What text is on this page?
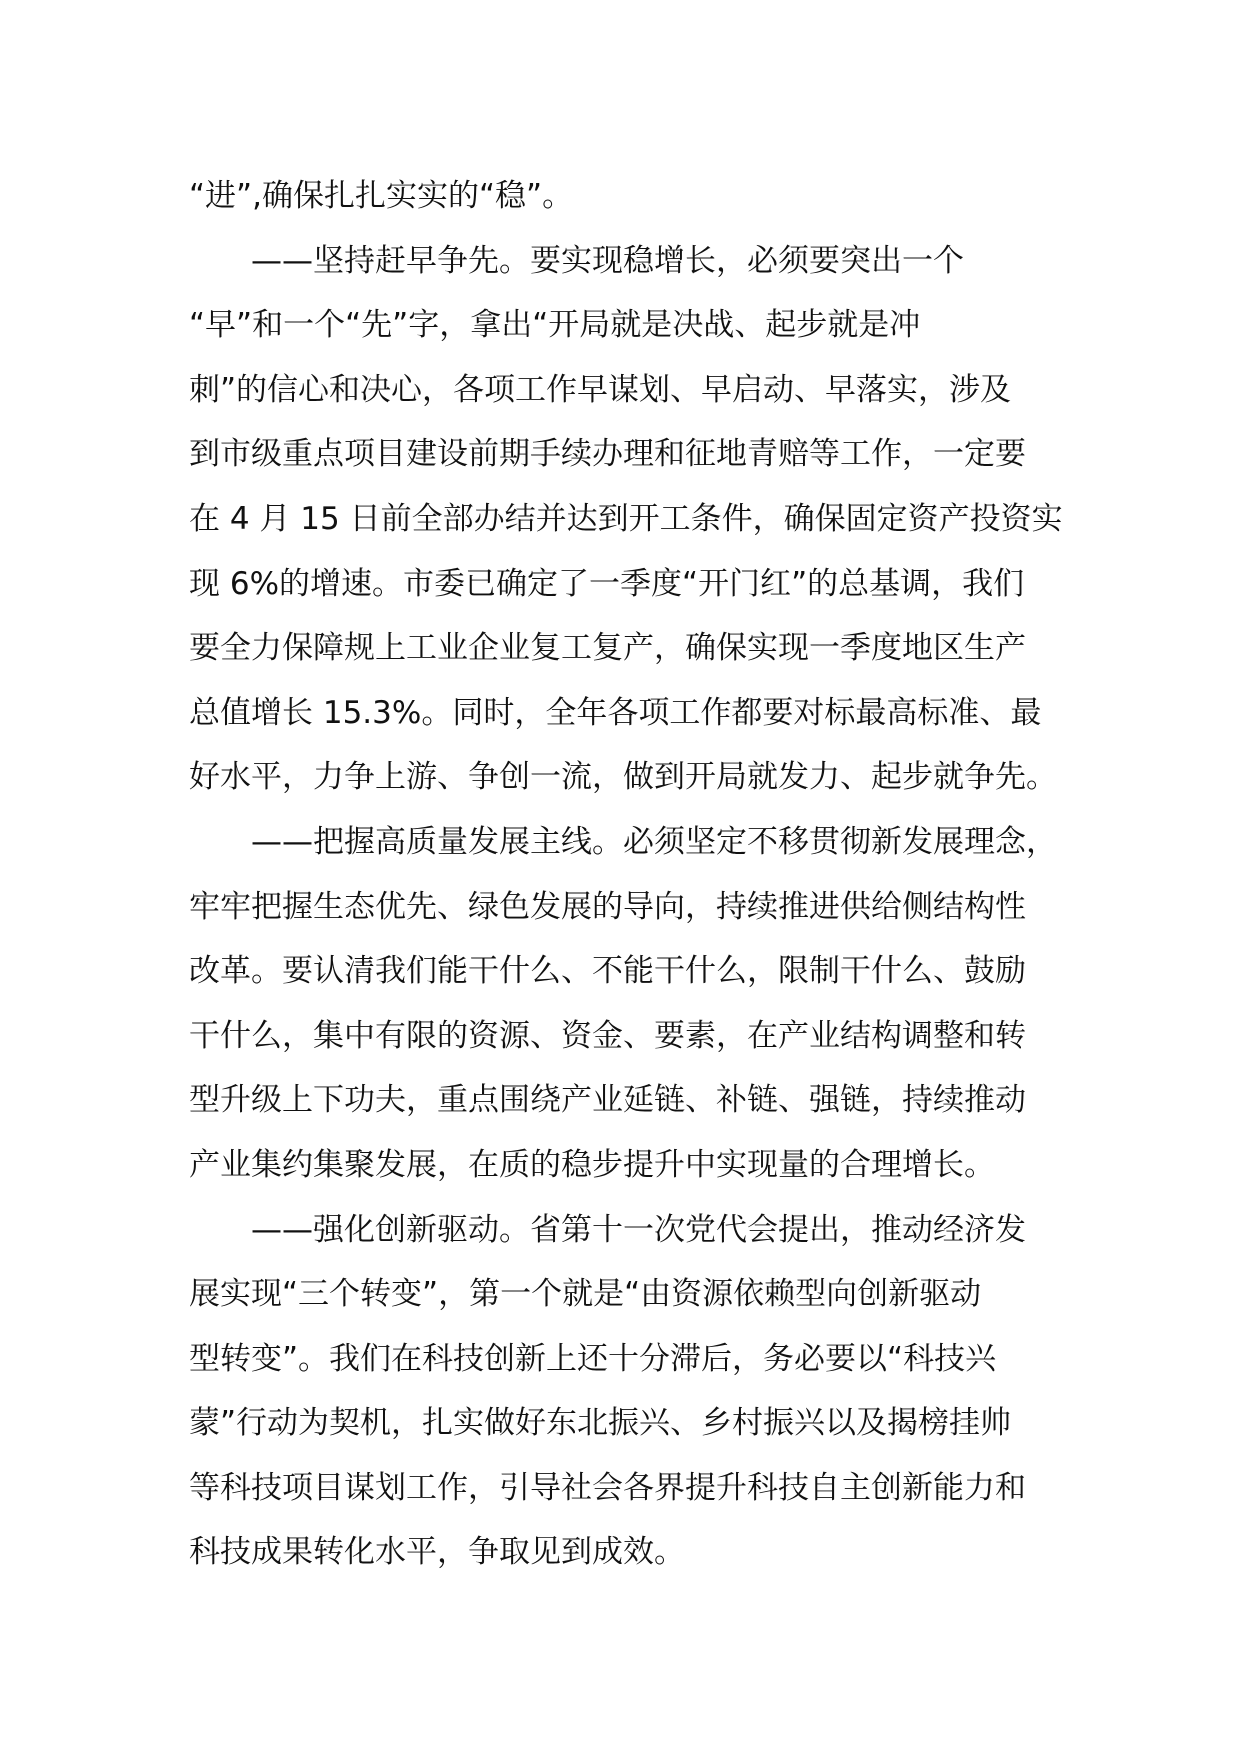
“进”,确保扎扎实实的“稳”。
——坚持赶早争先。要实现稳增长，必须要突出一个
“早”和一个“先”字，拿出“开局就是决战、起步就是冲
刺”的信心和决心，各项工作早谋划、早启动、早落实，涉及
到市级重点项目建设前期手续办理和征地青赔等工作，一定要
在 4 月 15 日前全部办结并达到开工条件，确保固定资产投资实
现 6%的增速。市委已确定了一季度“开门红”的总基调，我们
要全力保障规上工业企业复工复产，确保实现一季度地区生产
总值增长 15.3%。同时，全年各项工作都要对标最高标准、最
好水平，力争上游、争创一流，做到开局就发力、起步就争先。
——把握高质量发展主线。必须坚定不移贯彻新发展理念，
牢牢把握生态优先、绿色发展的导向，持续推进供给侧结构性
改革。要认清我们能干什么、不能干什么，限制干什么、鼓励
干什么，集中有限的资源、资金、要素，在产业结构调整和转
型升级上下功夫，重点围绕产业延链、补链、强链，持续推动
产业集约集聚发展，在质的稳步提升中实现量的合理增长。
——强化创新驱动。省第十一次党代会提出，推动经济发
展实现“三个转变”，第一个就是“由资源依赖型向创新驱动
型转变”。我们在科技创新上还十分滞后，务必要以“科技兴
蒙”行动为契机，扎实做好东北振兴、乡村振兴以及揭榜挂帅
等科技项目谋划工作，引导社会各界提升科技自主创新能力和
科技成果转化水平，争取见到成效。
